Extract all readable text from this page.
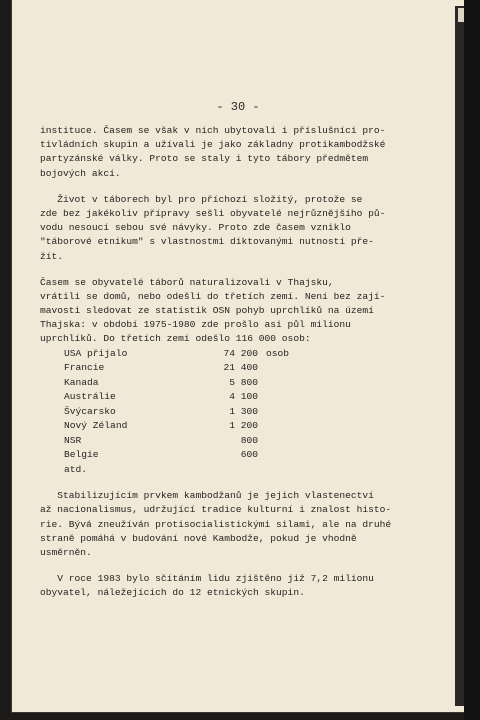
- 30 -
instituce. Časem se však v nich ubytovali i příslušníci pro-
tivládních skupin a užívali je jako základny protikambodžské
partyzánské války. Proto se staly i tyto tábory předmětem
bojových akcí.
Život v táborech byl pro příchozí složitý, protože se
zde bez jakékoliv přípravy sešli obyvatelé nejrůznějšího pů-
vodu nesoucí sebou své návyky. Proto zde časem vzniklo
"táborové etnikum" s vlastnostmi diktovanými nutností pře-
žít.
Časem se obyvatelé táborů naturalizovali v Thajsku,
vrátili se domů, nebo odešli do třetích zemí. Není bez zají-
mavosti sledovat ze statistik OSN pohyb uprchlíků na území
Thajska: v období 1975-1980 zde prošlo asi půl milionu
uprchlíků. Do třetích zemí odešlo 116 000 osob:
USA přijalo	74 200 osob
Francie	21 400
Kanada	5 800
Austrálie	4 100
Švýcarsko	1 300
Nový Zéland	1 200
NSR	800
Belgie	600
atd.
Stabilizujícím prvkem kambodžanů je jejich vlastenectví
až nacionalismus, udržující tradice kulturní i znalost histo-
rie. Bývá zneužíván protisocialistickými silami, ale na druhé
straně pomáhá v budování nové Kambodže, pokud je vhodně
usměrněn.
V roce 1983 bylo sčítáním lidu zjištěno již 7,2 milionu
obyvatel, náležejících do 12 etnických skupin.
